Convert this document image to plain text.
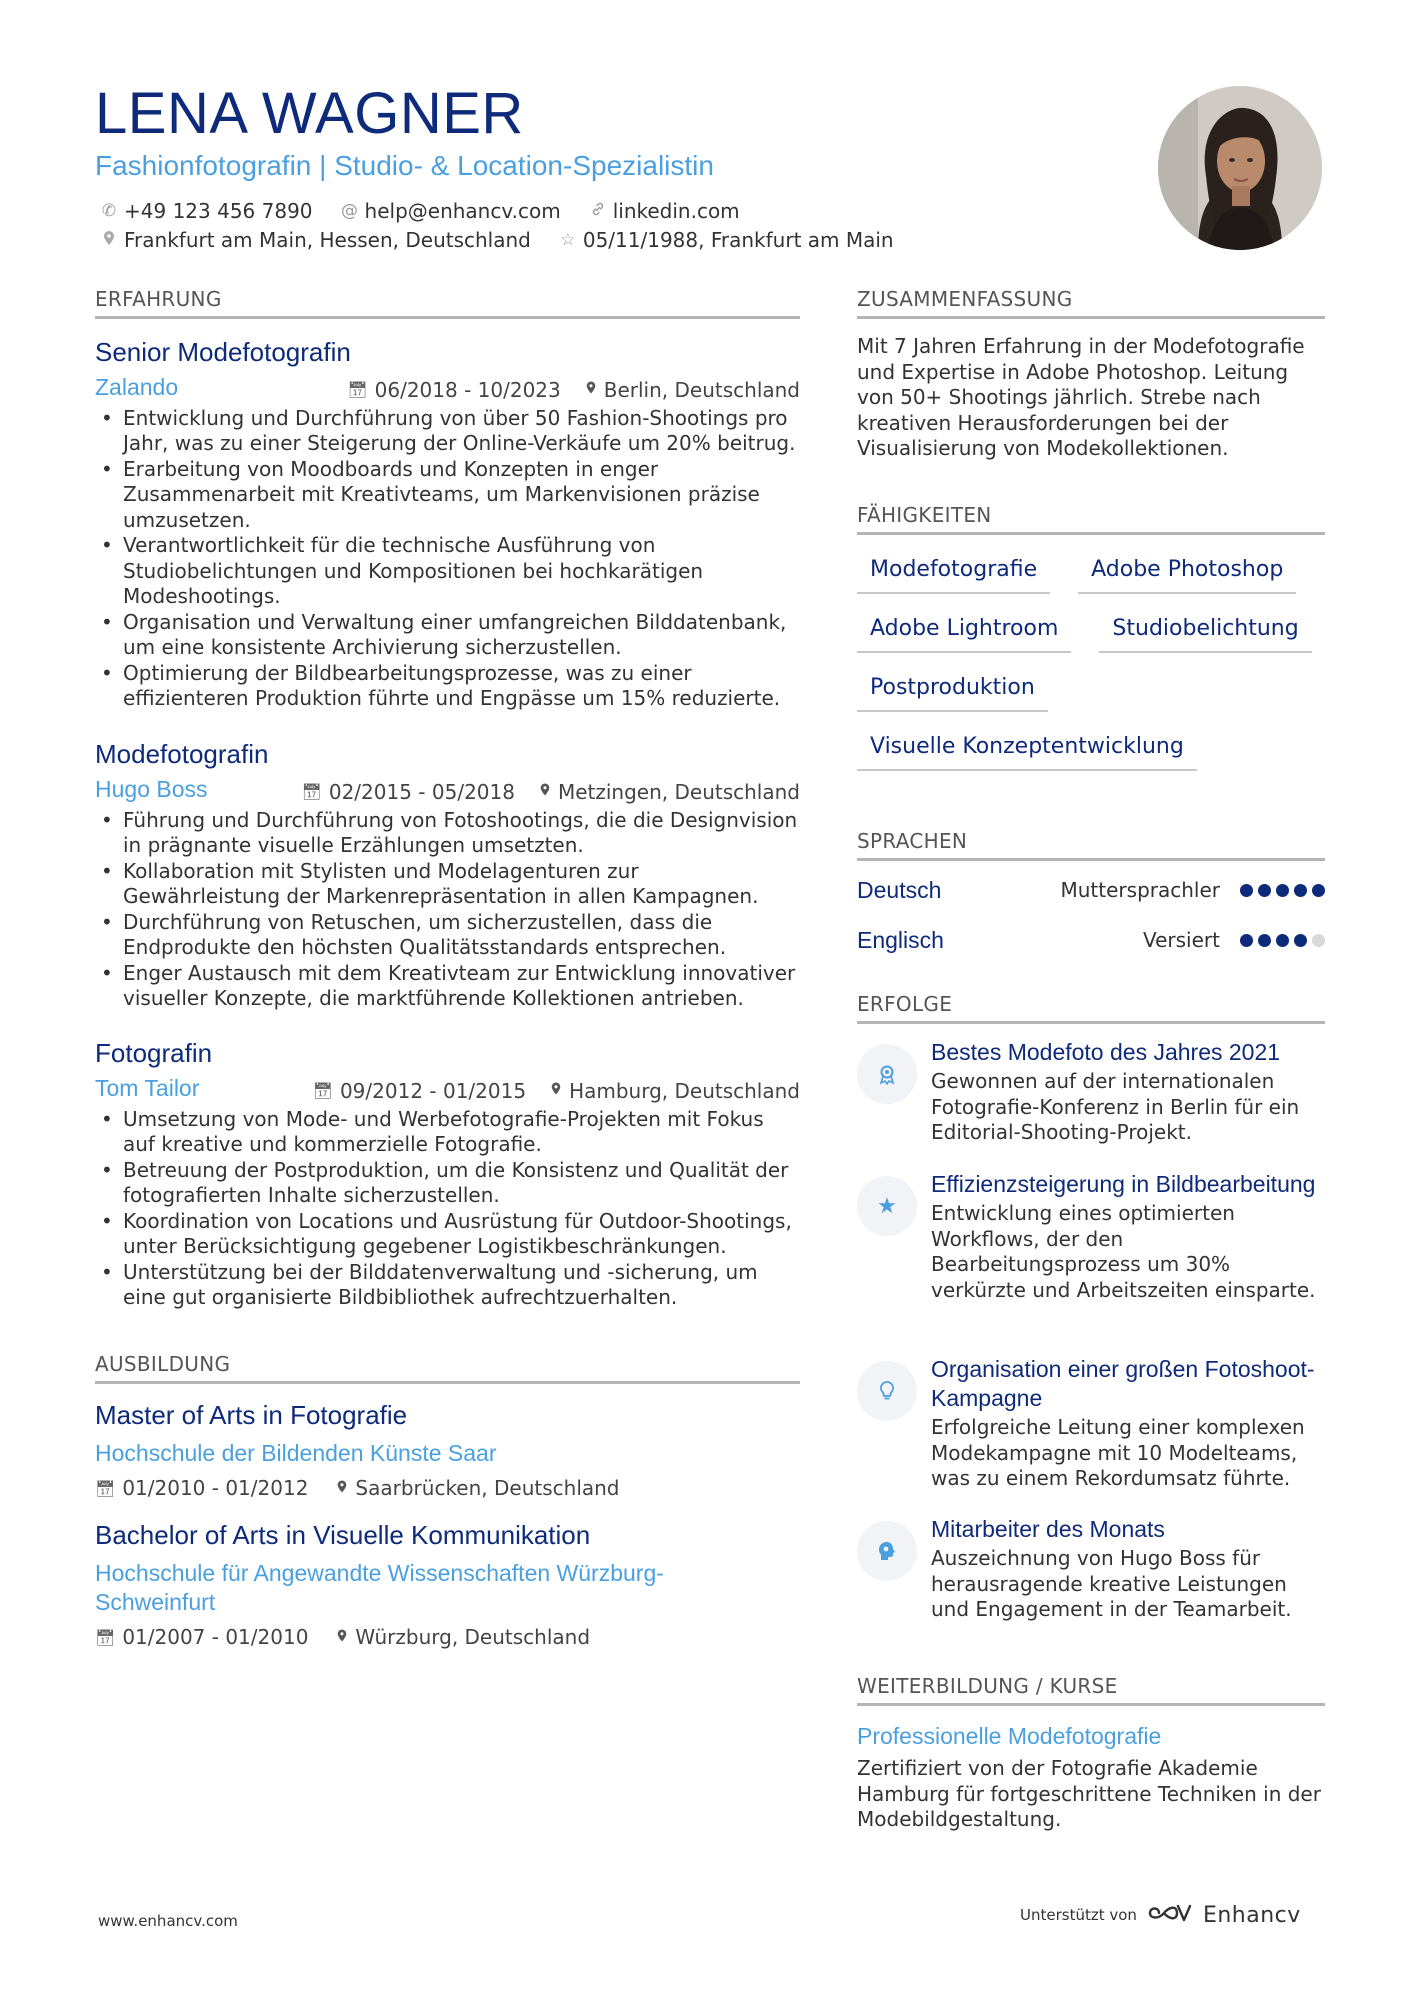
LENA WAGNER
Fashionfotografin | Studio- & Location-Spezialistin
✆ +49 123 456 7890 @ help@enhancv.com	linkedin.com
Frankfurt am Main, Hessen, Deutschland ☆ 05/11/1988, Frankfurt am Main
ERFAHRUNG
Senior Modefotografin
Zalando	📅︎ 06/2018 - 10/2023 Berlin, Deutschland
• Entwicklung und Durchführung von über 50 Fashion-Shootings pro Jahr, was zu einer Steigerung der Online-Verkäufe um 20% beitrug.
• Erarbeitung von Moodboards und Konzepten in enger Zusammenarbeit mit Kreativteams, um Markenvisionen präzise umzusetzen.
• Verantwortlichkeit für die technische Ausführung von Studiobelichtungen und Kompositionen bei hochkarätigen Modeshootings.
• Organisation und Verwaltung einer umfangreichen Bilddatenbank, um eine konsistente Archivierung sicherzustellen.
• Optimierung der Bildbearbeitungsprozesse, was zu einer effizienteren Produktion führte und Engpässe um 15% reduzierte.
Modefotografin
Hugo Boss	📅︎ 02/2015 - 05/2018 Metzingen, Deutschland
• Führung und Durchführung von Fotoshootings, die die Designvision in prägnante visuelle Erzählungen umsetzten.
• Kollaboration mit Stylisten und Modelagenturen zur Gewährleistung der Markenrepräsentation in allen Kampagnen.
• Durchführung von Retuschen, um sicherzustellen, dass die Endprodukte den höchsten Qualitätsstandards entsprechen.
• Enger Austausch mit dem Kreativteam zur Entwicklung innovativer visueller Konzepte, die marktführende Kollektionen antrieben.
Fotografin
Tom Tailor	📅︎ 09/2012 - 01/2015 Hamburg, Deutschland
• Umsetzung von Mode- und Werbefotografie-Projekten mit Fokus auf kreative und kommerzielle Fotografie.
• Betreuung der Postproduktion, um die Konsistenz und Qualität der fotografierten Inhalte sicherzustellen.
• Koordination von Locations und Ausrüstung für Outdoor-Shootings, unter Berücksichtigung gegebener Logistikbeschränkungen.
• Unterstützung bei der Bilddatenverwaltung und -sicherung, um eine gut organisierte Bildbibliothek aufrechtzuerhalten.
AUSBILDUNG
Master of Arts in Fotografie
Hochschule der Bildenden Künste Saar
📅︎ 01/2010 - 01/2012 Saarbrücken, Deutschland
Bachelor of Arts in Visuelle Kommunikation
Hochschule für Angewandte Wissenschaften Würzburg-Schweinfurt
📅︎ 01/2007 - 01/2010 Würzburg, Deutschland
ZUSAMMENFASSUNG
Mit 7 Jahren Erfahrung in der Modefotografie und Expertise in Adobe Photoshop. Leitung von 50+ Shootings jährlich. Strebe nach kreativen Herausforderungen bei der Visualisierung von Modekollektionen.
FÄHIGKEITEN
Modefotografie	Adobe Photoshop
Adobe Lightroom	Studiobelichtung
Postproduktion
Visuelle Konzeptentwicklung
SPRACHEN
Deutsch	Muttersprachler
Englisch	Versiert
ERFOLGE
Bestes Modefoto des Jahres 2021
Gewonnen auf der internationalen Fotografie-Konferenz in Berlin für ein Editorial-Shooting-Projekt.
★
Effizienzsteigerung in Bildbearbeitung
Entwicklung eines optimierten Workflows, der den Bearbeitungsprozess um 30% verkürzte und Arbeitszeiten einsparte.
Organisation einer großen Fotoshoot-Kampagne
Erfolgreiche Leitung einer komplexen Modekampagne mit 10 Modelteams, was zu einem Rekordumsatz führte.
Mitarbeiter des Monats
Auszeichnung von Hugo Boss für herausragende kreative Leistungen und Engagement in der Teamarbeit.
WEITERBILDUNG / KURSE
Professionelle Modefotografie
Zertifiziert von der Fotografie Akademie Hamburg für fortgeschrittene Techniken in der Modebildgestaltung.
www.enhancv.com	Unterstützt von	Enhancv
